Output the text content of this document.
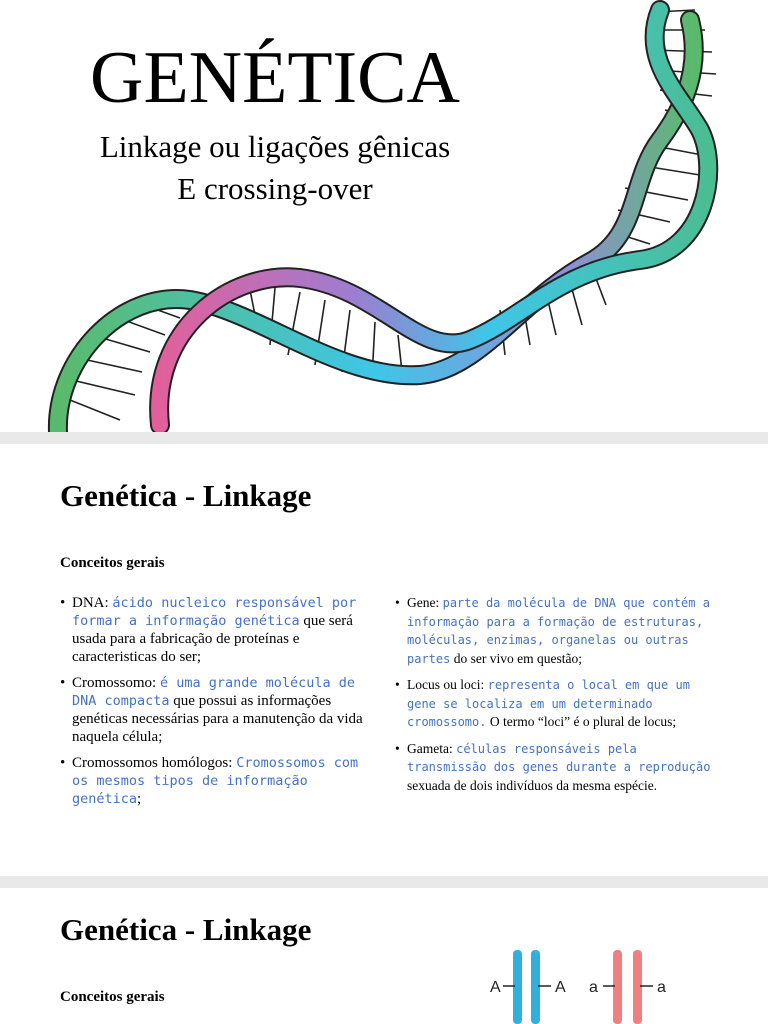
GENÉTICA
Linkage ou ligações gênicas
E crossing-over
Genética - Linkage
Conceitos gerais
• DNA: ácido nucleico responsável por formar a informação genética que será usada para a fabricação de proteínas e caracteristicas do ser;
• Cromossomo: é uma grande molécula de DNA compacta que possui as informações genéticas necessárias para a manutenção da vida naquela célula;
• Cromossomos homólogos: Cromossomos com os mesmos tipos de informação genética;
• Gene: parte da molécula de DNA que contém a informação para a formação de estruturas, moléculas, enzimas, organelas ou outras partes do ser vivo em questão;
• Locus ou loci: representa o local em que um gene se localiza em um determinado cromossomo. O termo “loci” é o plural de locus;
• Gameta: células responsáveis pela transmissão dos genes durante a reprodução sexuada de dois indivíduos da mesma espécie.
Genética - Linkage
Conceitos gerais
A	A a	a
